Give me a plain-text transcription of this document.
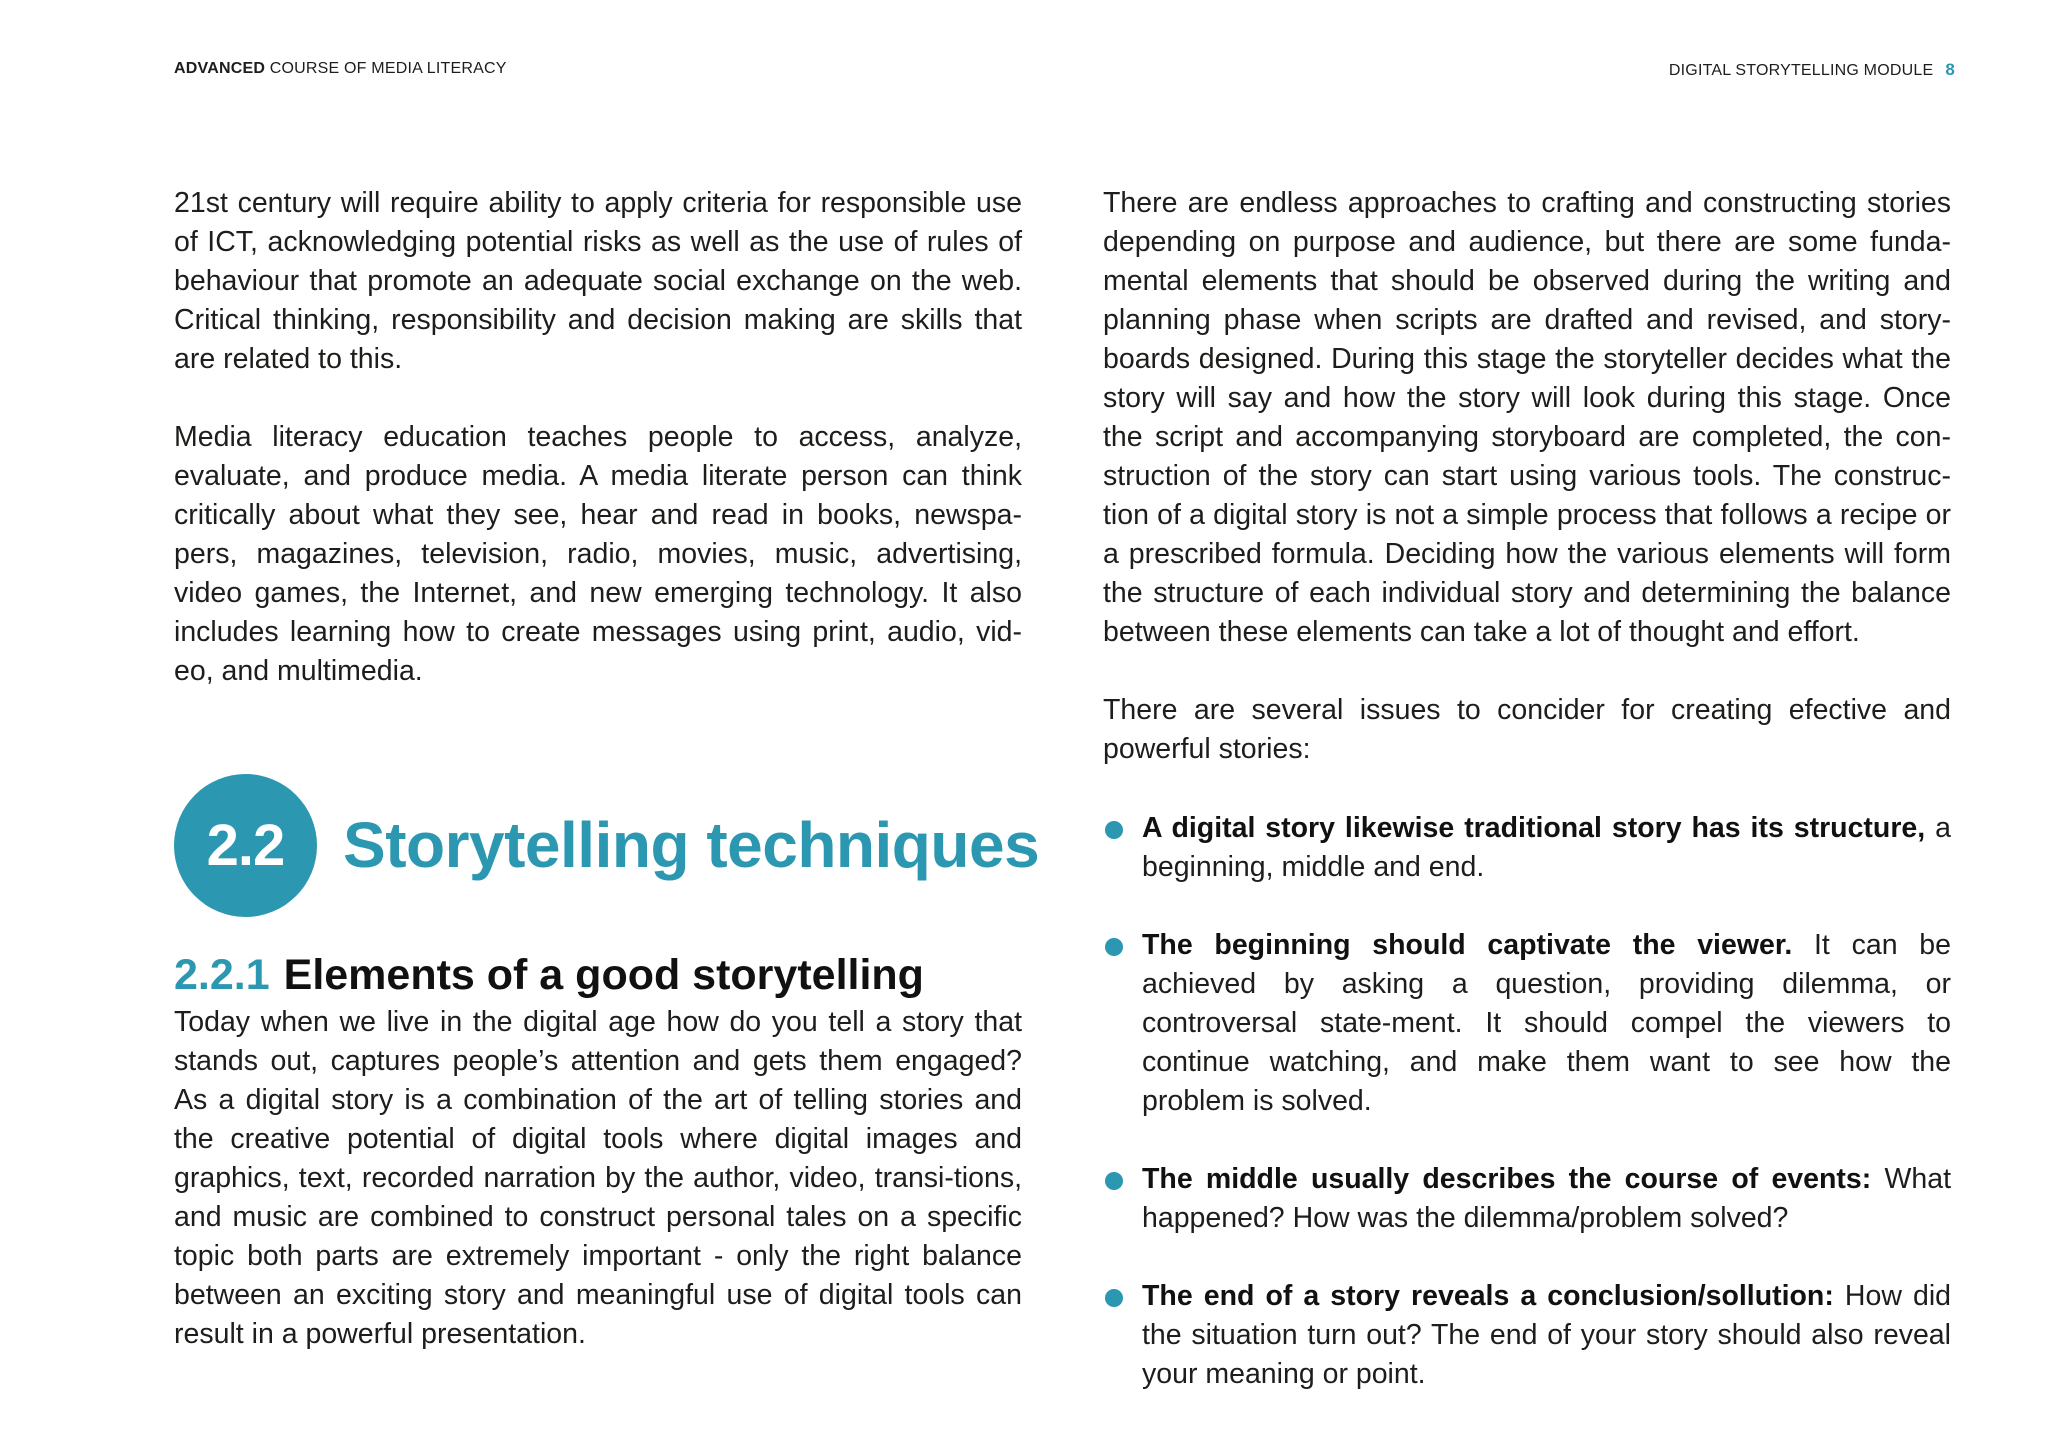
ADVANCED COURSE OF MEDIA LITERACY	DIGITAL STORYTELLING MODULE 8

21st century will require ability to apply criteria for responsible use of ICT, acknowledging potential risks as well as the use of rules of behaviour that promote an adequate social exchange on the web. Critical thinking, responsibility and decision making are skills that are related to this.

Media literacy education teaches people to access, analyze, evaluate, and produce media. A media literate person can think critically about what they see, hear and read in books, newspa-pers, magazines, television, radio, movies, music, advertising, video games, the Internet, and new emerging technology. It also includes learning how to create messages using print, audio, vid-eo, and multimedia.

2.2 Storytelling techniques
2.2.1 Elements of a good storytelling

Today when we live in the digital age how do you tell a story that stands out, captures people’s attention and gets them engaged? As a digital story is a combination of the art of telling stories and the creative potential of digital tools where digital images and graphics, text, recorded narration by the author, video, transi-tions, and music are combined to construct personal tales on a specific topic both parts are extremely important - only the right balance between an exciting story and meaningful use of digital tools can result in a powerful presentation.

There are endless approaches to crafting and constructing stories depending on purpose and audience, but there are some funda-mental elements that should be observed during the writing and planning phase when scripts are drafted and revised, and story-boards designed. During this stage the storyteller decides what the story will say and how the story will look during this stage. Once the script and accompanying storyboard are completed, the con-struction of the story can start using various tools. The construc-tion of a digital story is not a simple process that follows a recipe or a prescribed formula. Deciding how the various elements will form the structure of each individual story and determining the balance between these elements can take a lot of thought and effort.

There are several issues to concider for creating efective and powerful stories:

A digital story likewise traditional story has its structure, a beginning, middle and end.
The beginning should captivate the viewer. It can be achieved by asking a question, providing dilemma, or controversal state-ment. It should compel the viewers to continue watching, and make them want to see how the problem is solved.
The middle usually describes the course of events: What happened? How was the dilemma/problem solved?
The end of a story reveals a conclusion/sollution: How did the situation turn out? The end of your story should also reveal your meaning or point.
